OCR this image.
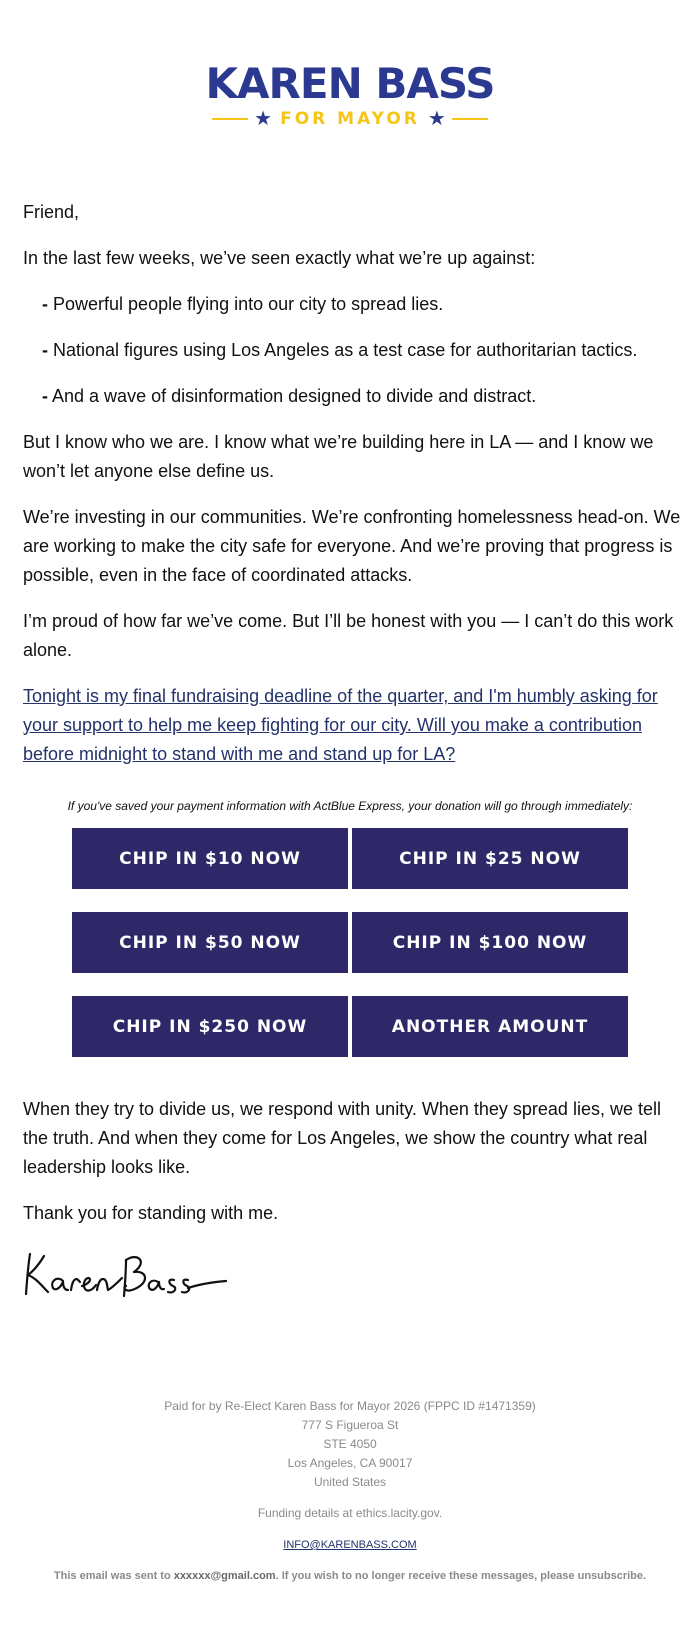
KAREN BASS
★ FOR MAYOR ★

Friend,

In the last few weeks, we’ve seen exactly what we’re up against:

- Powerful people flying into our city to spread lies.

- National figures using Los Angeles as a test case for authoritarian tactics.

- And a wave of disinformation designed to divide and distract.

But I know who we are. I know what we’re building here in LA — and I know we won’t let anyone else define us.

We’re investing in our communities. We’re confronting homelessness head-on. We are working to make the city safe for everyone. And we’re proving that progress is possible, even in the face of coordinated attacks.

I’m proud of how far we’ve come. But I’ll be honest with you — I can’t do this work alone.

Tonight is my final fundraising deadline of the quarter, and I'm humbly asking for your support to help me keep fighting for our city. Will you make a contribution before midnight to stand with me and stand up for LA?

If you've saved your payment information with ActBlue Express, your donation will go through immediately:
CHIP IN $10 NOW	CHIP IN $25 NOW
CHIP IN $50 NOW	CHIP IN $100 NOW
CHIP IN $250 NOW	ANOTHER AMOUNT

When they try to divide us, we respond with unity. When they spread lies, we tell the truth. And when they come for Los Angeles, we show the country what real leadership looks like.

Thank you for standing with me.

Paid for by Re-Elect Karen Bass for Mayor 2026 (FPPC ID #1471359)
777 S Figueroa St
STE 4050
Los Angeles, CA 90017
United States
Funding details at ethics.lacity.gov.
INFO@KARENBASS.COM
This email was sent to xxxxxx@gmail.com. If you wish to no longer receive these messages, please unsubscribe.
